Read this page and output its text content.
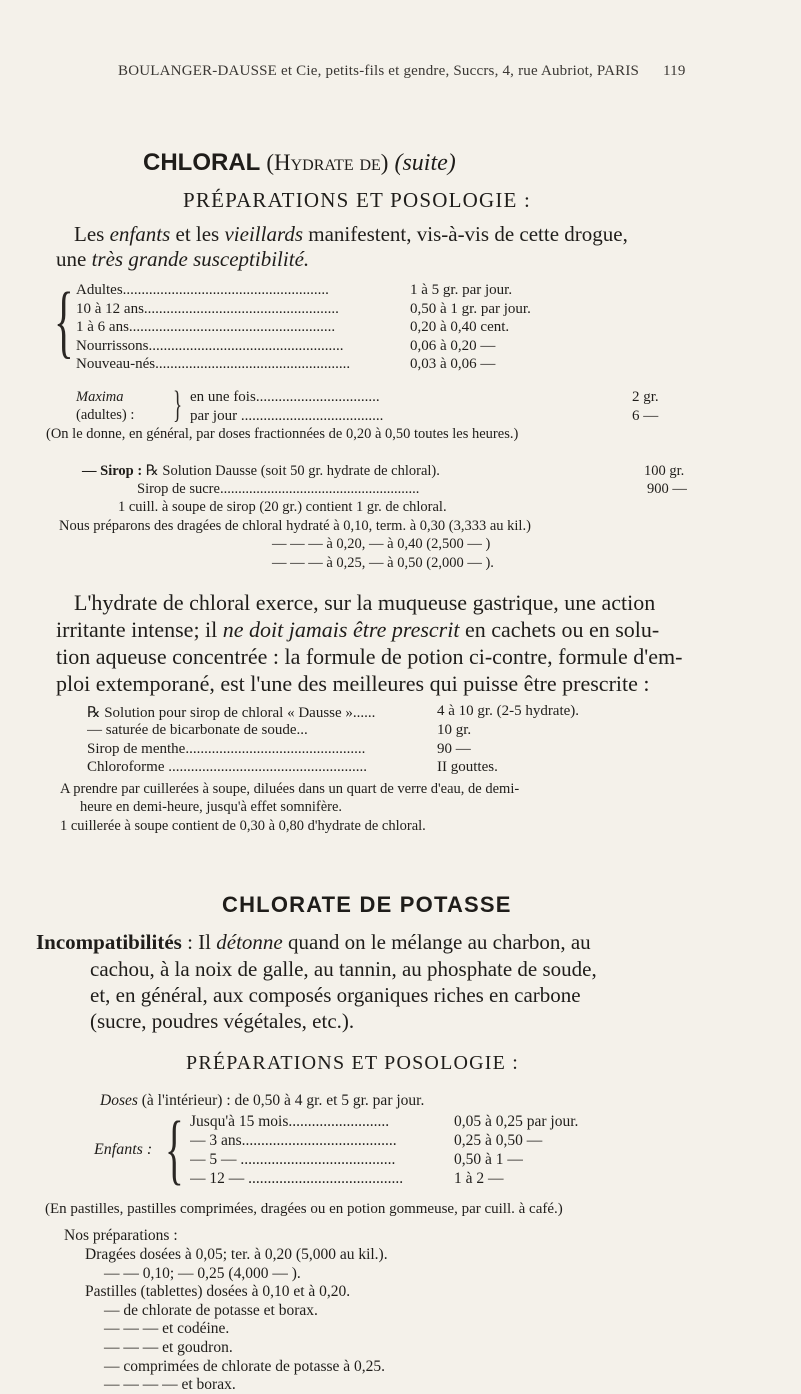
BOULANGER-DAUSSE et Cie, petits-fils et gendre, Succrs, 4, rue Aubriot, PARIS 119
CHLORAL (Hydrate de) (suite)
PRÉPARATIONS ET POSOLOGIE :
Les enfants et les vieillards manifestent, vis-à-vis de cette drogue,
une très grande susceptibilité.
{ Adultes.......................................................	1 à 5 gr. par jour.
10 à 12 ans....................................................	0,50 à 1 gr. par jour.
1 à 6 ans.......................................................	0,20 à 0,40 cent.
Nourrissons....................................................	0,06 à 0,20 —
Nouveau-nés....................................................	0,03 à 0,06 —
Maxima
(adultes) : } en une fois.................................	2 gr.
par jour ......................................	6 —
(On le donne, en général, par doses fractionnées de 0,20 à 0,50 toutes les heures.)
— Sirop : ℞ Solution Dausse (soit 50 gr. hydrate de chloral).	100 gr.
Sirop de sucre.......................................................	900 —
1 cuill. à soupe de sirop (20 gr.) contient 1 gr. de chloral.
Nous préparons des dragées de chloral hydraté à 0,10, term. à 0,30 (3,333 au kil.)
— — — à 0,20, — à 0,40 (2,500 — )
— — — à 0,25, — à 0,50 (2,000 — ).
L'hydrate de chloral exerce, sur la muqueuse gastrique, une action
irritante intense; il ne doit jamais être prescrit en cachets ou en solu-
tion aqueuse concentrée : la formule de potion ci-contre, formule d'em-
ploi extemporané, est l'une des meilleures qui puisse être prescrite :
℞ Solution pour sirop de chloral « Dausse »......	4 à 10 gr. (2-5 hydrate).
— saturée de bicarbonate de soude...	10 gr.
Sirop de menthe................................................	90 —
Chloroforme .....................................................	II gouttes.
A prendre par cuillerées à soupe, diluées dans un quart de verre d'eau, de demi-
heure en demi-heure, jusqu'à effet somnifère.
1 cuillerée à soupe contient de 0,30 à 0,80 d'hydrate de chloral.
CHLORATE DE POTASSE
Incompatibilités : Il détonne quand on le mélange au charbon, au
cachou, à la noix de galle, au tannin, au phosphate de soude,
et, en général, aux composés organiques riches en carbone
(sucre, poudres végétales, etc.).
PRÉPARATIONS ET POSOLOGIE :
Doses (à l'intérieur) : de 0,50 à 4 gr. et 5 gr. par jour.
Enfants : { Jusqu'à 15 mois..........................	0,05 à 0,25 par jour.
— 3 ans........................................	0,25 à 0,50 —
— 5 — ........................................	0,50 à 1 —
— 12 — ........................................	1 à 2 —
(En pastilles, pastilles comprimées, dragées ou en potion gommeuse, par cuill. à café.)
Nos préparations :
Dragées dosées à 0,05; ter. à 0,20 (5,000 au kil.).
— — 0,10; — 0,25 (4,000 — ).
Pastilles (tablettes) dosées à 0,10 et à 0,20.
— de chlorate de potasse et borax.
— — — et codéine.
— — — et goudron.
— comprimées de chlorate de potasse à 0,25.
— — — — et borax.
